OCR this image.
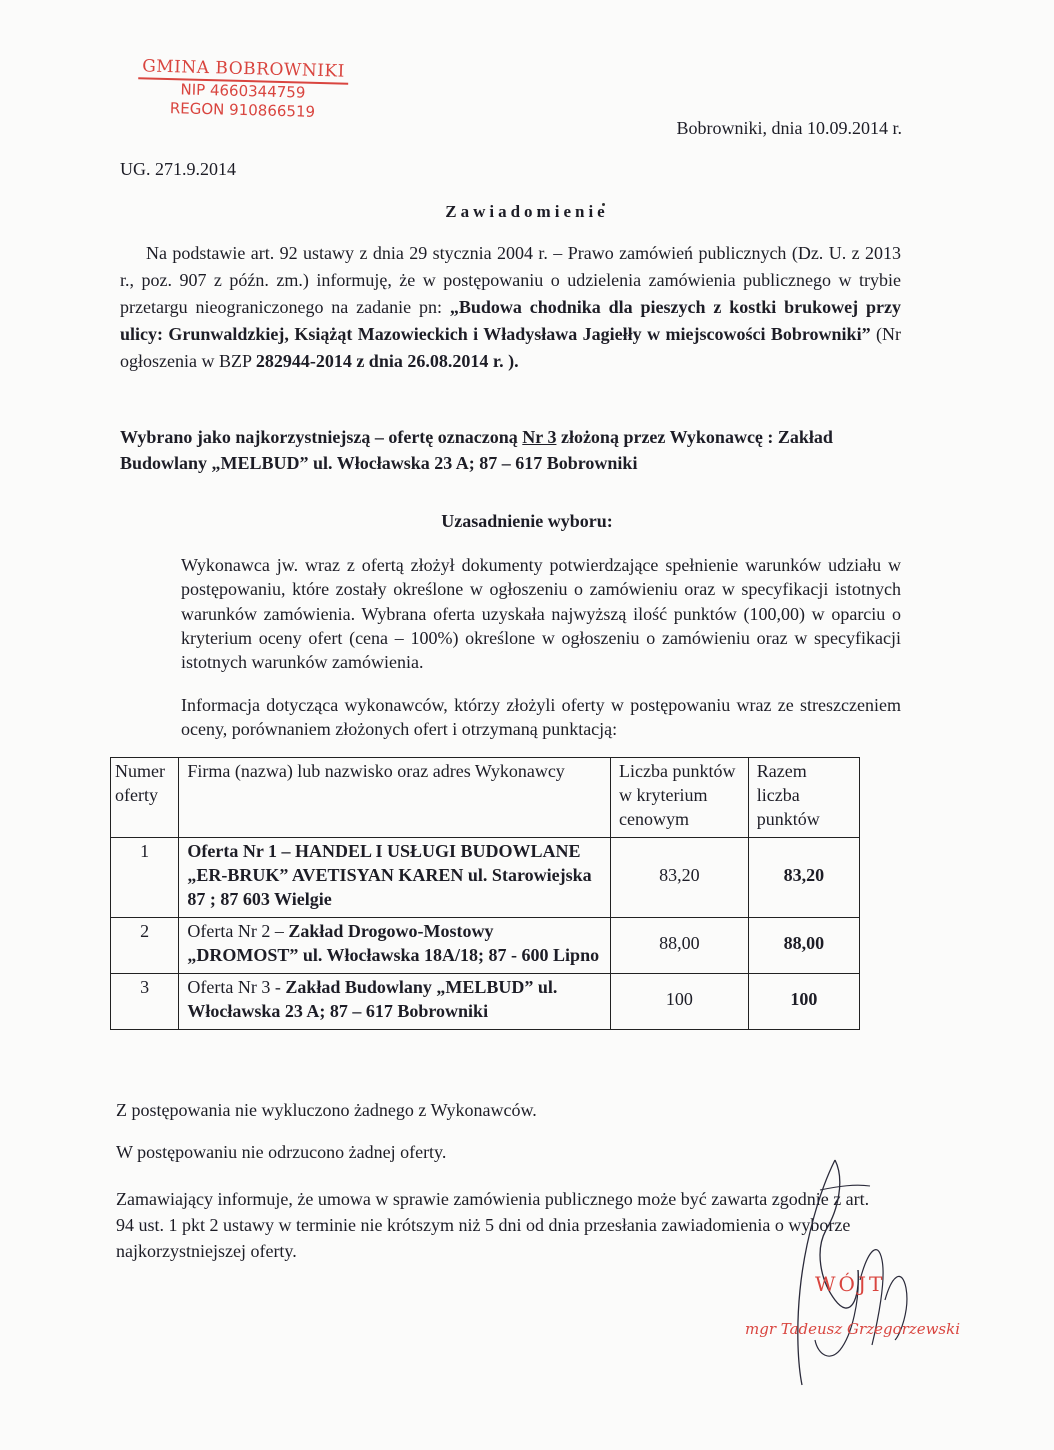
GMINA BOBROWNIKI
NIP 4660344759
REGON 910866519
Bobrowniki, dnia 10.09.2014 r.
UG. 271.9.2014
Zawiadomienie

Na podstawie art. 92 ustawy z dnia 29 stycznia 2004 r. – Prawo zamówień publicznych (Dz. U. z 2013 r., poz. 907 z późn. zm.) informuję, że w postępowaniu o udzielenia zamówienia publicznego w trybie przetargu nieograniczonego na zadanie pn: „Budowa chodnika dla pieszych z kostki brukowej przy ulicy: Grunwaldzkiej, Książąt Mazowieckich i Władysława Jagiełły w miejscowości Bobrowniki” (Nr ogłoszenia w BZP 282944-2014 z dnia 26.08.2014 r. ).

Wybrano jako najkorzystniejszą – ofertę oznaczoną Nr 3 złożoną przez Wykonawcę : Zakład Budowlany „MELBUD” ul. Włocławska 23 A; 87 – 617 Bobrowniki
Uzasadnienie wyboru:
Wykonawca jw. wraz z ofertą złożył dokumenty potwierdzające spełnienie warunków udziału w postępowaniu, które zostały określone w ogłoszeniu o zamówieniu oraz w specyfikacji istotnych warunków zamówienia. Wybrana oferta uzyskała najwyższą ilość punktów (100,00) w oparciu o kryterium oceny ofert (cena – 100%) określone w ogłoszeniu o zamówieniu oraz w specyfikacji istotnych warunków zamówienia.
Informacja dotycząca wykonawców, którzy złożyli oferty w postępowaniu wraz ze streszczeniem oceny, porównaniem złożonych ofert i otrzymaną punktacją:
Numer oferty	Firma (nazwa) lub nazwisko oraz adres Wykonawcy	Liczba punktów w kryterium cenowym	Razem liczba punktów
1	Oferta Nr 1 – HANDEL I USŁUGI BUDOWLANE „ER-BRUK” AVETISYAN KAREN ul. Starowiejska 87 ; 87 603 Wielgie	83,20	83,20
2	Oferta Nr 2 – Zakład Drogowo-Mostowy „DROMOST” ul. Włocławska 18A/18; 87 - 600 Lipno	88,00	88,00
3	Oferta Nr 3 - Zakład Budowlany „MELBUD” ul. Włocławska 23 A; 87 – 617 Bobrowniki	100	100
Z postępowania nie wykluczono żadnego z Wykonawców.
W postępowaniu nie odrzucono żadnej oferty.
Zamawiający informuje, że umowa w sprawie zamówienia publicznego może być zawarta zgodnie z art. 94 ust. 1 pkt 2 ustawy w terminie nie krótszym niż 5 dni od dnia przesłania zawiadomienia o wyborze najkorzystniejszej oferty.
WÓJT
mgr Tadeusz Grzegorzewski
